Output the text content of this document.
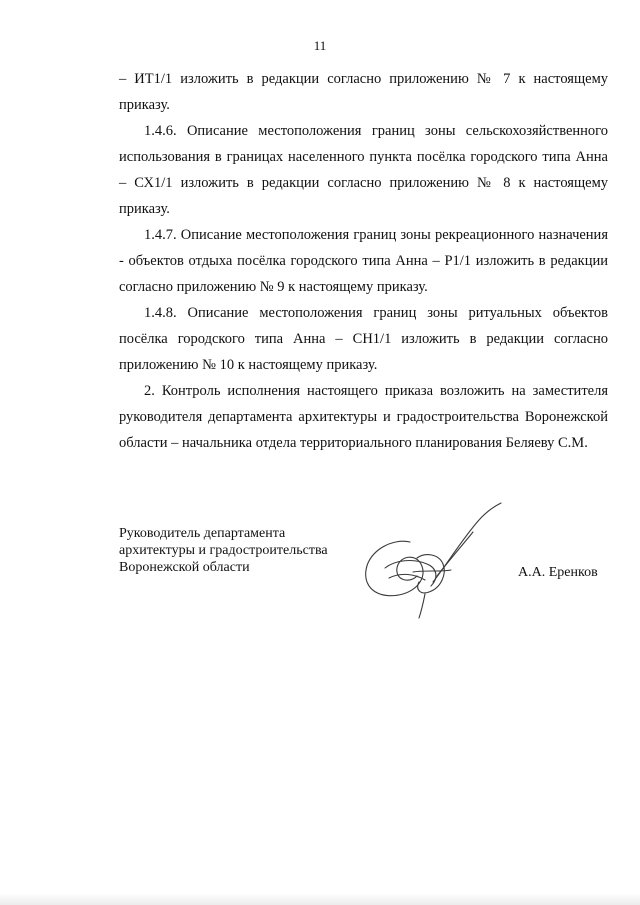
11

– ИТ1/1 изложить в редакции согласно приложению № 7 к настоящему приказу.

1.4.6. Описание местоположения границ зоны сельскохозяйственного использования в границах населенного пункта посёлка городского типа Анна – СХ1/1 изложить в редакции согласно приложению № 8 к настоящему приказу.

1.4.7. Описание местоположения границ зоны рекреационного назначения - объектов отдыха посёлка городского типа Анна – Р1/1 изложить в редакции согласно приложению № 9 к настоящему приказу.

1.4.8. Описание местоположения границ зоны ритуальных объектов посёлка городского типа Анна – СН1/1 изложить в редакции согласно приложению № 10 к настоящему приказу.

2. Контроль исполнения настоящего приказа возложить на заместителя руководителя департамента архитектуры и градостроительства Воронежской области – начальника отдела территориального планирования Беляеву С.М.

Руководитель департамента
архитектуры и градостроительства
Воронежской области	А.А. Еренков
